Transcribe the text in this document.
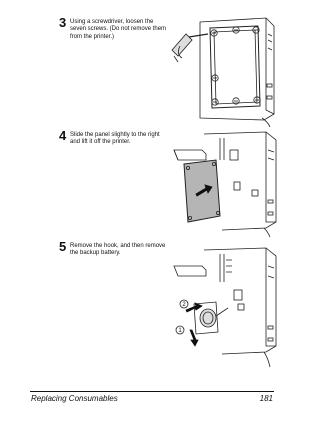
3 Using a screwdriver, loosen the seven screws. (Do not remove them from the printer.)
4 Slide the panel slightly to the right and lift it off the printer.
5 Remove the hook, and then remove the backup battery.
2
1
Replacing Consumables	181
